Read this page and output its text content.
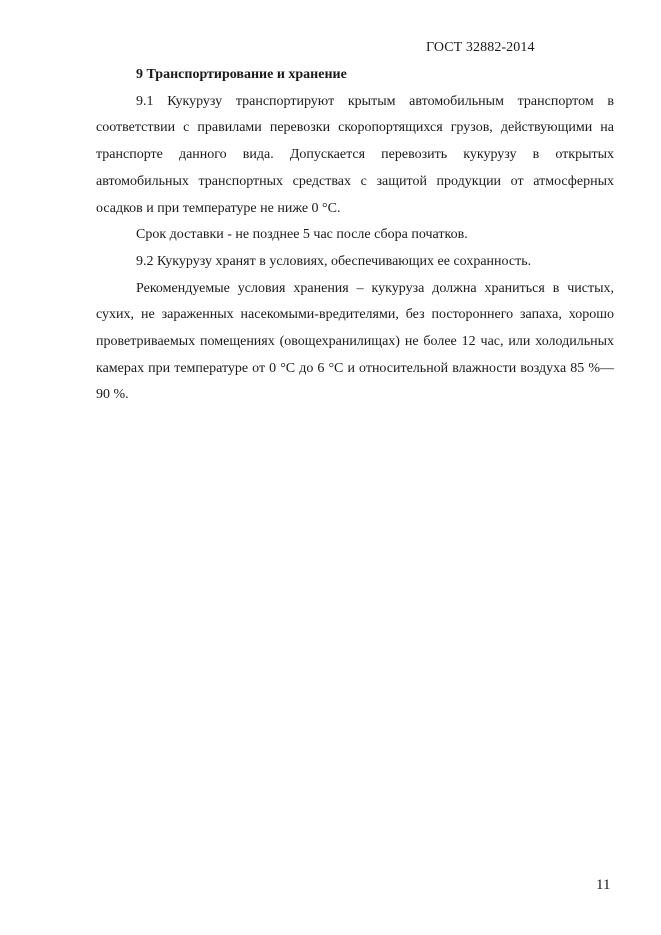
ГОСТ 32882-2014
9 Транспортирование и хранение

9.1 Кукурузу транспортируют крытым автомобильным транспортом в соответствии с правилами перевозки скоропортящихся грузов, действующими на транспорте данного вида. Допускается перевозить кукурузу в открытых автомобильных транспортных средствах с защитой продукции от атмосферных осадков и при температуре не ниже 0 °С.

Срок доставки - не позднее 5 час после сбора початков.

9.2 Кукурузу хранят в условиях, обеспечивающих ее сохранность.

Рекомендуемые условия хранения – кукуруза должна храниться в чистых, сухих, не зараженных насекомыми-вредителями, без постороннего запаха, хорошо проветриваемых помещениях (овощехранилищах) не более 12 час, или холодильных камерах при температуре от 0 °С до 6 °С и относительной влажности воздуха 85 %—90 %.

11
